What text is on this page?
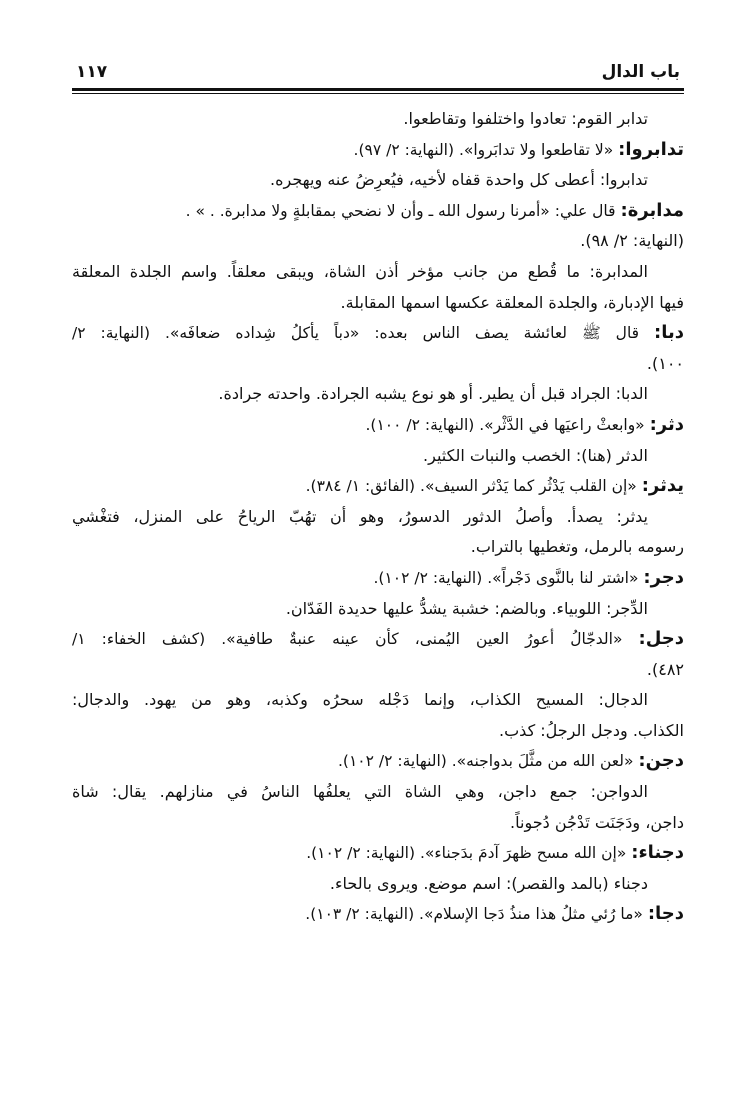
باب الدال
١١٧
تدابر القوم: تعادوا واختلفوا وتقاطعوا.
تدابروا: «لا تقاطعوا ولا تدابَروا». (النهاية: ٢/ ٩٧).
تدابروا: أعطى كل واحدة قفاه لأخيه، فيُعرِضُ عنه ويهجره.
مدابرة: قال علي: «أمرنا رسول الله ـ وأن لا نضحي بمقابلةٍ ولا مدابرة. . » .
(النهاية: ٢/ ٩٨).
المدابرة: ما قُطع من جانب مؤخر أذن الشاة، ويبقى معلقاً. واسم الجلدة المعلقة
فيها الإدبارة، والجلدة المعلقة عكسها اسمها المقابلة.
دبا: قال ﷺ لعائشة يصف الناس بعده: «دباً يأكلُ شِداده ضعافَه». (النهاية: ٢/
١٠٠).
الدبا: الجراد قبل أن يطير. أو هو نوع يشبه الجرادة. واحدته جرادة.
دثر: «وابعثْ راعيَها في الدَّثْر». (النهاية: ٢/ ١٠٠).
الدثر (هنا): الخصب والنبات الكثير.
يدثر: «إن القلب يَدْثُر كما يَدْثر السيف». (الفائق: ١/ ٣٨٤).
يدثر: يصدأ. وأصلُ الدثور الدسورُ، وهو أن تهُبّ الرياحُ على المنزل، فتغْشي
رسومه بالرمل، وتغطيها بالتراب.
دجر: «اشتر لنا بالنَّوى دَجْراً». (النهاية: ٢/ ١٠٢).
الدِّجر: اللوبياء. وبالضم: خشبة يشدُّ عليها حديدة الفَدّان.
دجل: «الدجّالُ أعورُ العين اليُمنى، كأن عينه عنبةٌ طافية». (كشف الخفاء: ١/
٤٨٢).
الدجال: المسيح الكذاب، وإنما دَجْله سحرُه وكذبه، وهو من يهود. والدجال:
الكذاب. ودجل الرجلُ: كذب.
دجن: «لعن الله من مثَّلَ بدواجنه». (النهاية: ٢/ ١٠٢).
الدواجن: جمع داجن، وهي الشاة التي يعلفُها الناسُ في منازلهم. يقال: شاة
داجن، ودَجَنَت تَدْجُن دُجوناً.
دجناء: «إن الله مسح ظهرَ آدمَ بدَجناء». (النهاية: ٢/ ١٠٢).
دجناء (بالمد والقصر): اسم موضع. ويروى بالحاء.
دجا: «ما رُئي مثلُ هذا منذُ دَجا الإسلام». (النهاية: ٢/ ١٠٣).
